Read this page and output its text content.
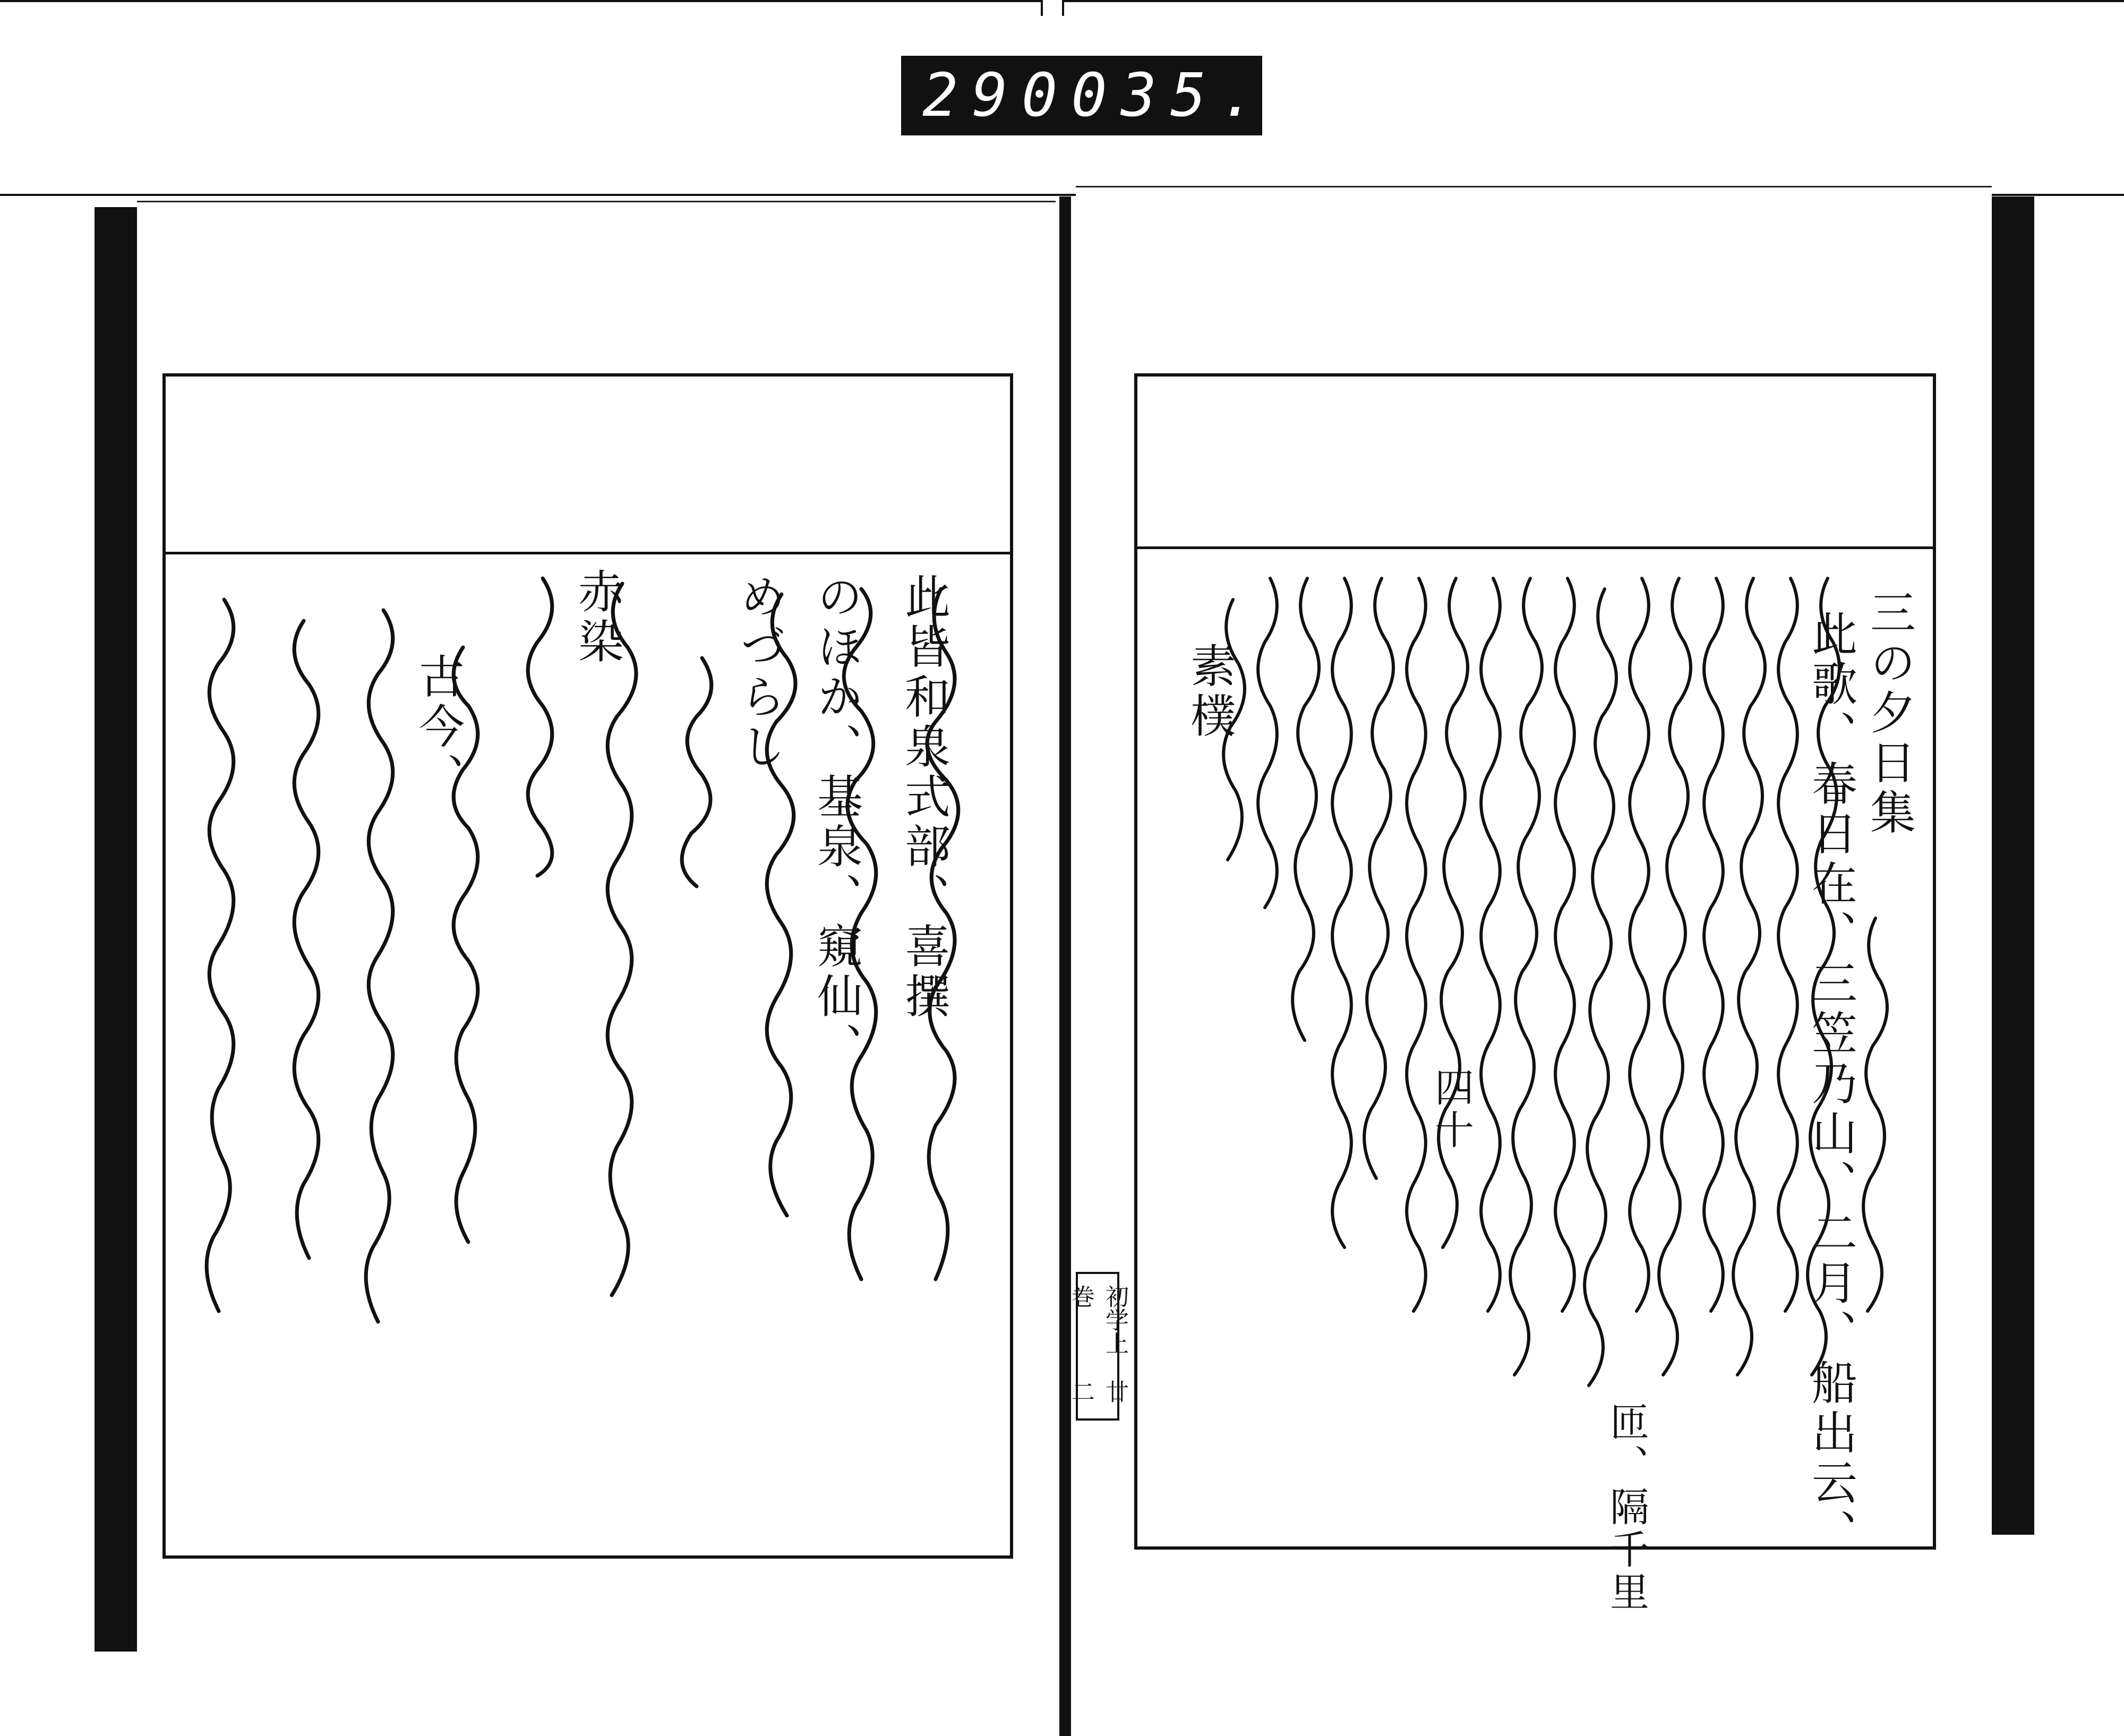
290 035.
此皆和泉式部、喜撰
のほか、基泉、窺仙、
めづらし
赤染
古今、	三の夕日集
此歌、春日在、三笠乃山、二月、船出云、
四十
匝、隔千里
素樸
初学上巻
廿二
